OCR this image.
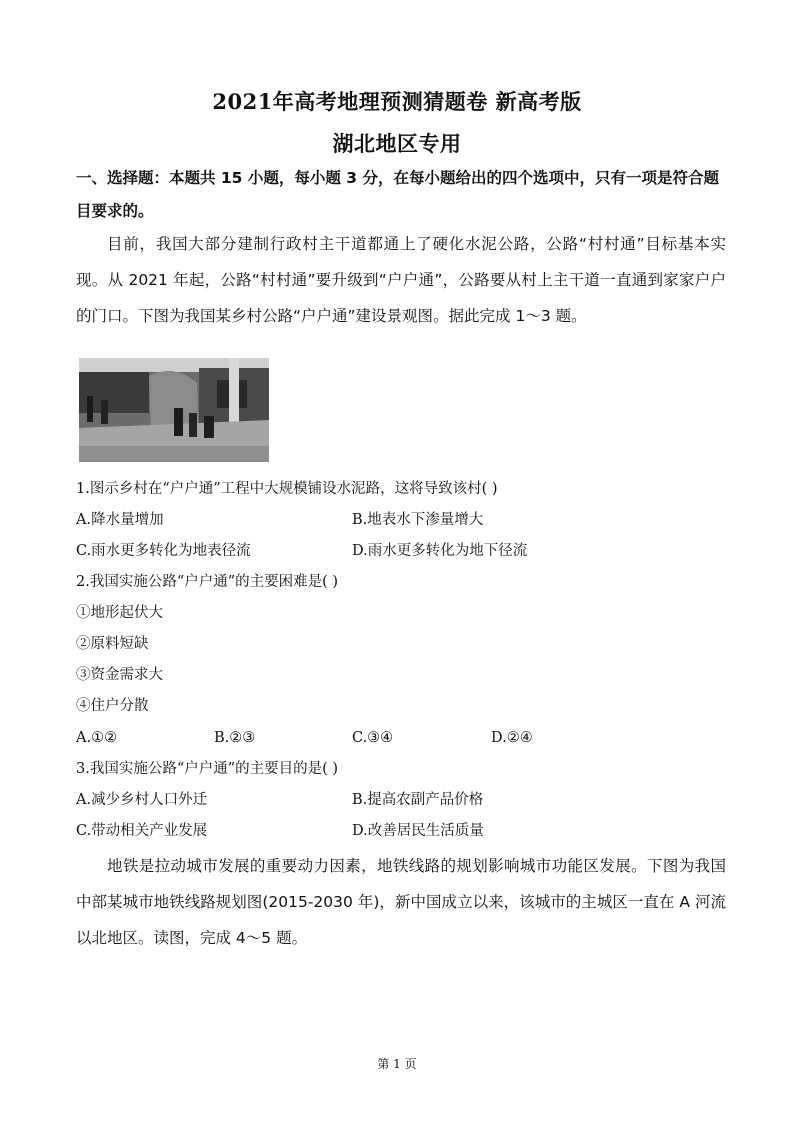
2021年高考地理预测猜题卷 新高考版
湖北地区专用
一、选择题：本题共 15 小题，每小题 3 分，在每小题给出的四个选项中，只有一项是符合题目要求的。
目前，我国大部分建制行政村主干道都通上了硬化水泥公路，公路“村村通”目标基本实现。从 2021 年起，公路“村村通”要升级到“户户通”，公路要从村上主干道一直通到家家户户的门口。下图为我国某乡村公路“户户通”建设景观图。据此完成 1～3 题。
1.图示乡村在“户户通”工程中大规模铺设水泥路，这将导致该村( )
A.降水量增加	B.地表水下渗量增大
C.雨水更多转化为地表径流	D.雨水更多转化为地下径流
2.我国实施公路“户户通”的主要困难是( )
①地形起伏大
②原料短缺
③资金需求大
④住户分散
A.①②	B.②③	C.③④	D.②④
3.我国实施公路“户户通”的主要目的是( )
A.减少乡村人口外迁	B.提高农副产品价格
C.带动相关产业发展	D.改善居民生活质量
地铁是拉动城市发展的重要动力因素，地铁线路的规划影响城市功能区发展。下图为我国中部某城市地铁线路规划图(2015-2030 年)，新中国成立以来，该城市的主城区一直在 A 河流以北地区。读图，完成 4～5 题。
第 1 页
